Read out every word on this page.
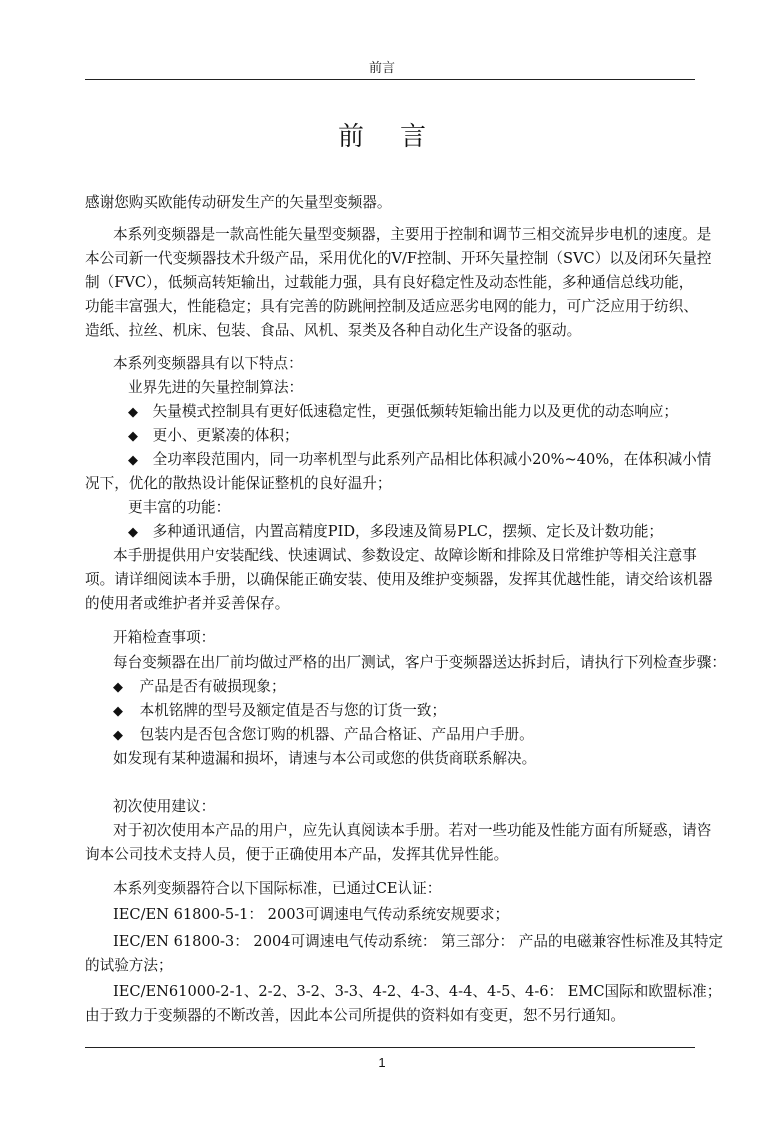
前言
前 言
感谢您购买欧能传动研发生产的矢量型变频器。
本系列变频器是一款高性能矢量型变频器，主要用于控制和调节三相交流异步电机的速度。是
本公司新一代变频器技术升级产品，采用优化的V/F控制、开环矢量控制（SVC）以及闭环矢量控
制（FVC），低频高转矩输出，过载能力强，具有良好稳定性及动态性能，多种通信总线功能，
功能丰富强大，性能稳定；具有完善的防跳闸控制及适应恶劣电网的能力，可广泛应用于纺织、
造纸、拉丝、机床、包装、食品、风机、泵类及各种自动化生产设备的驱动。
本系列变频器具有以下特点：
业界先进的矢量控制算法：
◆ 矢量模式控制具有更好低速稳定性，更强低频转矩输出能力以及更优的动态响应；
◆ 更小、更紧凑的体积；
◆ 全功率段范围内，同一功率机型与此系列产品相比体积减小20%~40%，在体积减小情
况下，优化的散热设计能保证整机的良好温升；
更丰富的功能：
◆ 多种通讯通信，内置高精度PID，多段速及简易PLC，摆频、定长及计数功能；
本手册提供用户安装配线、快速调试、参数设定、故障诊断和排除及日常维护等相关注意事
项。请详细阅读本手册，以确保能正确安装、使用及维护变频器，发挥其优越性能，请交给该机器
的使用者或维护者并妥善保存。
开箱检查事项：
每台变频器在出厂前均做过严格的出厂测试，客户于变频器送达拆封后，请执行下列检查步骤：
◆ 产品是否有破损现象；
◆ 本机铭牌的型号及额定值是否与您的订货一致；
◆ 包装内是否包含您订购的机器、产品合格证、产品用户手册。
如发现有某种遗漏和损坏，请速与本公司或您的供货商联系解决。
初次使用建议：
对于初次使用本产品的用户，应先认真阅读本手册。若对一些功能及性能方面有所疑惑，请咨
询本公司技术支持人员，便于正确使用本产品，发挥其优异性能。
本系列变频器符合以下国际标准，已通过CE认证：
IEC/EN 61800-5-1： 2003可调速电气传动系统安规要求；
IEC/EN 61800-3： 2004可调速电气传动系统： 第三部分： 产品的电磁兼容性标准及其特定
的试验方法；
IEC/EN61000-2-1、2-2、3-2、3-3、4-2、4-3、4-4、4-5、4-6： EMC国际和欧盟标准；
由于致力于变频器的不断改善，因此本公司所提供的资料如有变更，恕不另行通知。
1
